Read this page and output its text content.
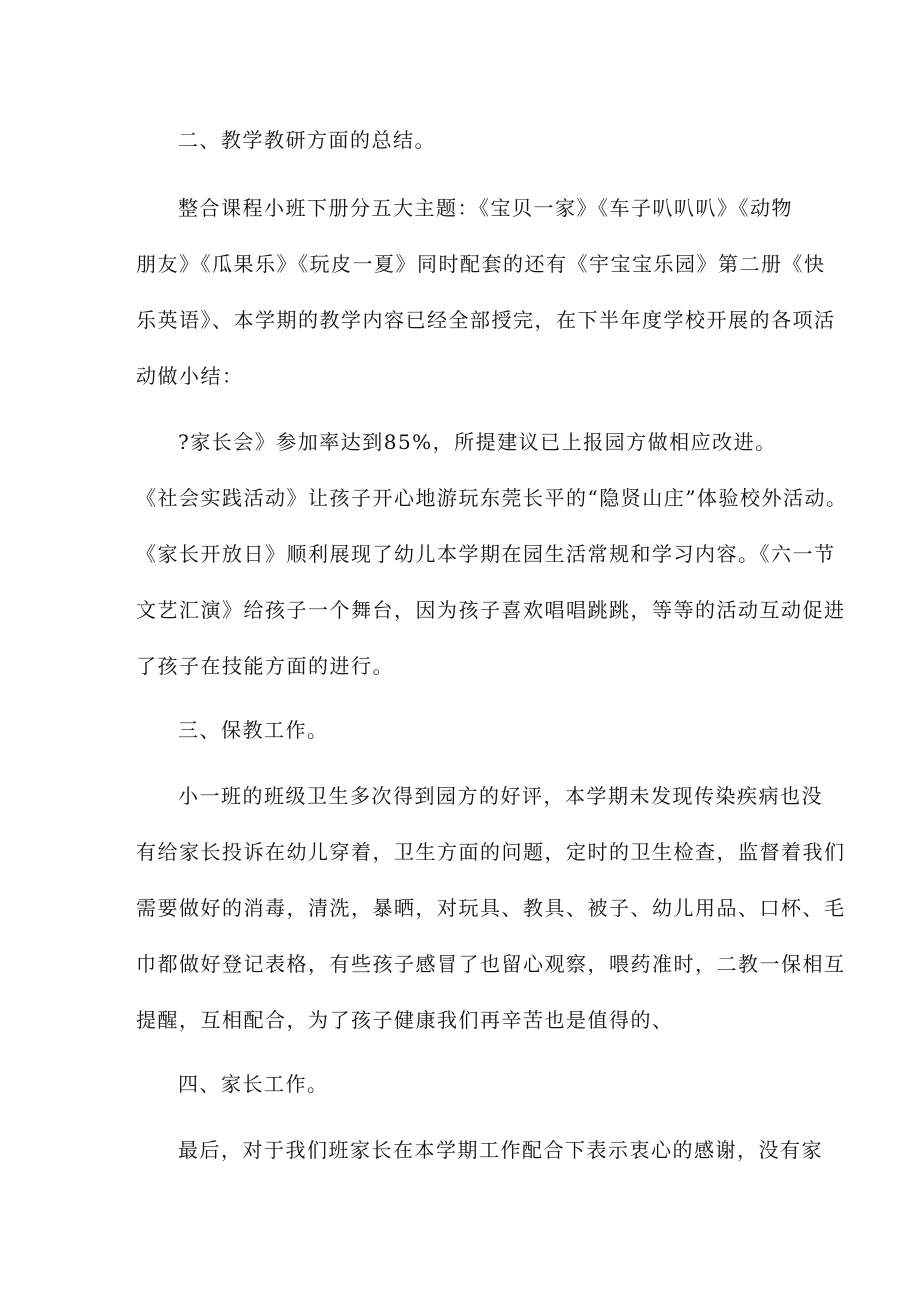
二、教学教研方面的总结。
整合课程小班下册分五大主题：《宝贝一家》《车子叭叭叭》《动物
朋友》《瓜果乐》《玩皮一夏》同时配套的还有《宇宝宝乐园》第二册《快
乐英语》、本学期的教学内容已经全部授完，在下半年度学校开展的各项活
动做小结：
?家长会》参加率达到85%，所提建议已上报园方做相应改进。
《社会实践活动》让孩子开心地游玩东莞长平的“隐贤山庄”体验校外活动。
《家长开放日》顺利展现了幼儿本学期在园生活常规和学习内容。《六一节
文艺汇演》给孩子一个舞台，因为孩子喜欢唱唱跳跳，等等的活动互动促进
了孩子在技能方面的进行。
三、保教工作。
小一班的班级卫生多次得到园方的好评，本学期未发现传染疾病也没
有给家长投诉在幼儿穿着，卫生方面的问题，定时的卫生检查，监督着我们
需要做好的消毒，清洗，暴晒，对玩具、教具、被子、幼儿用品、口杯、毛
巾都做好登记表格，有些孩子感冒了也留心观察，喂药准时，二教一保相互
提醒，互相配合，为了孩子健康我们再辛苦也是值得的、
四、家长工作。
最后，对于我们班家长在本学期工作配合下表示衷心的感谢，没有家
